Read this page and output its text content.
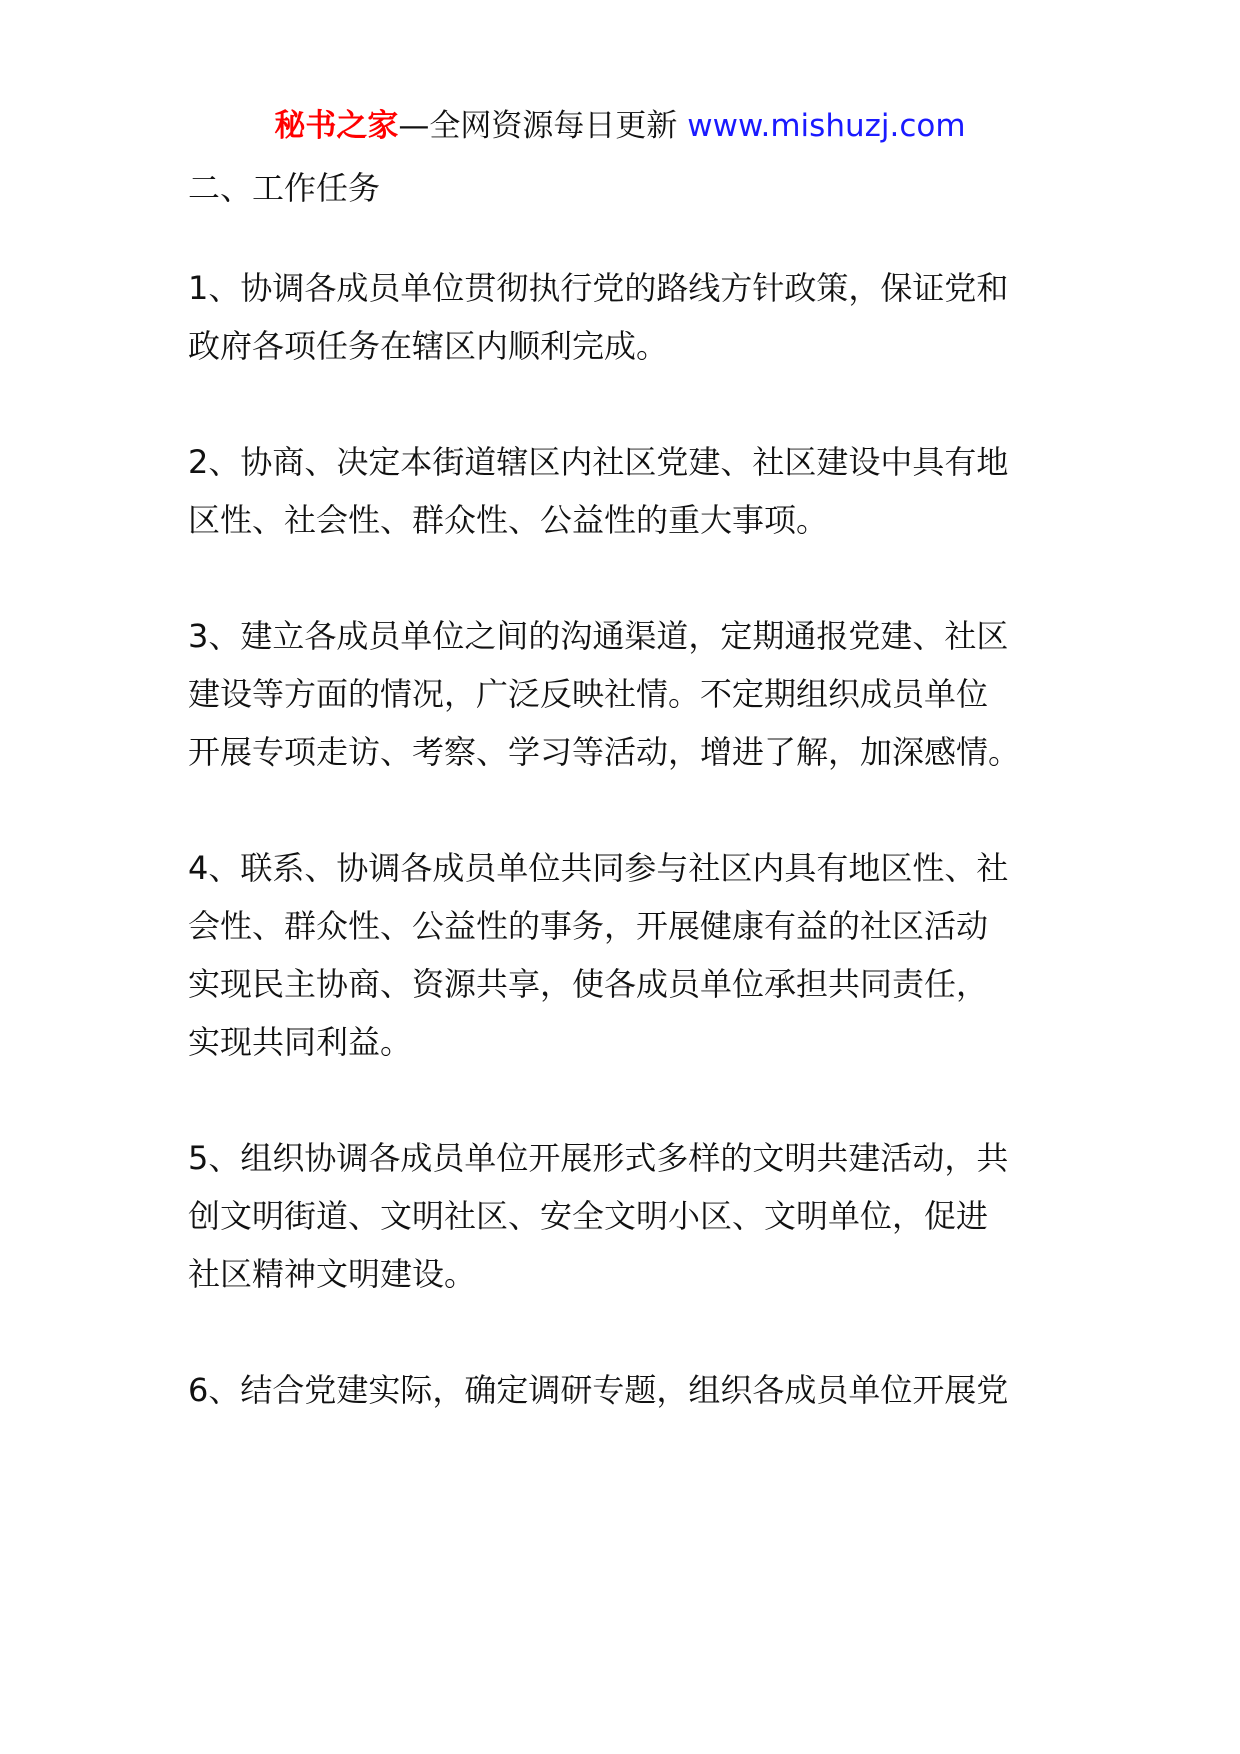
秘书之家—全网资源每日更新 www.mishuzj.com
二、工作任务

1、协调各成员单位贯彻执行党的路线方针政策，保证党和

政府各项任务在辖区内顺利完成。

2、协商、决定本街道辖区内社区党建、社区建设中具有地

区性、社会性、群众性、公益性的重大事项。

3、建立各成员单位之间的沟通渠道，定期通报党建、社区

建设等方面的情况，广泛反映社情。不定期组织成员单位

开展专项走访、考察、学习等活动，增进了解，加深感情。

4、联系、协调各成员单位共同参与社区内具有地区性、社

会性、群众性、公益性的事务，开展健康有益的社区活动

实现民主协商、资源共享，使各成员单位承担共同责任，

实现共同利益。

5、组织协调各成员单位开展形式多样的文明共建活动，共

创文明街道、文明社区、安全文明小区、文明单位，促进

社区精神文明建设。

6、结合党建实际，确定调研专题，组织各成员单位开展党
